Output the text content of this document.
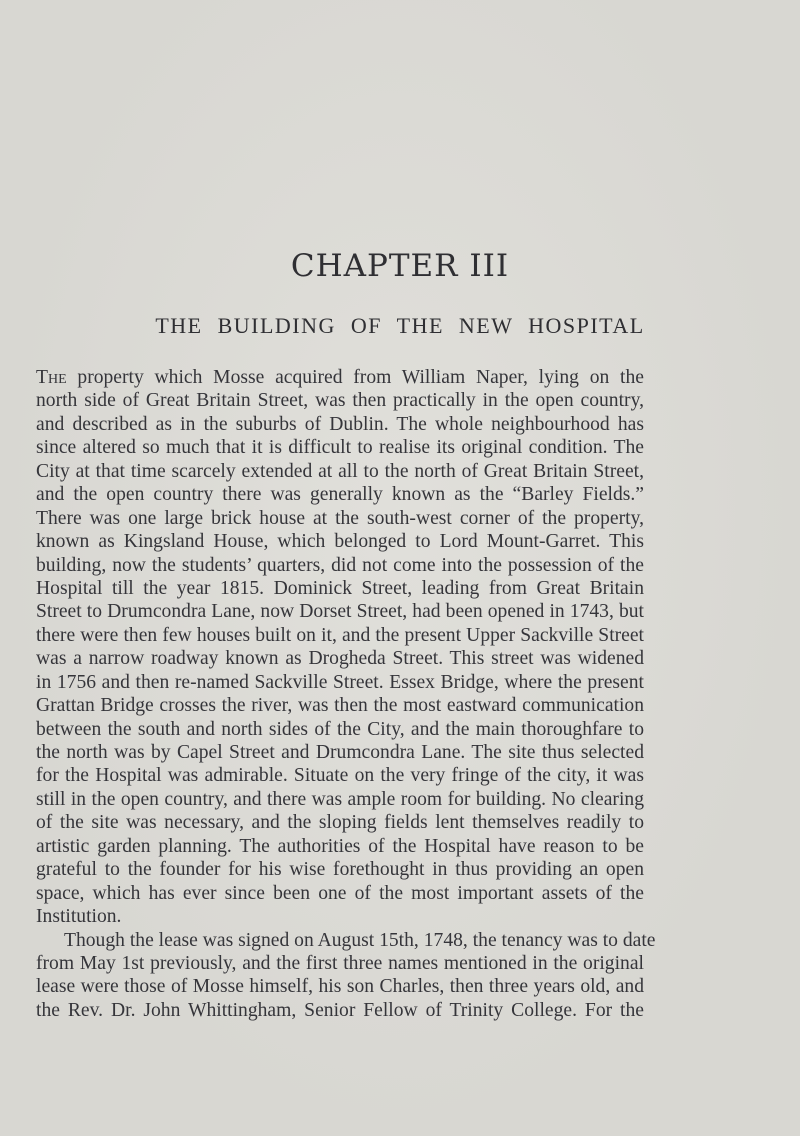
CHAPTER III
THE BUILDING OF THE NEW HOSPITAL

The property which Mosse acquired from William Naper, lying on the
north side of Great Britain Street, was then practically in the open country,
and described as in the suburbs of Dublin. The whole neighbourhood has
since altered so much that it is difficult to realise its original condition. The
City at that time scarcely extended at all to the north of Great Britain Street,
and the open country there was generally known as the “Barley Fields.”
There was one large brick house at the south-west corner of the property,
known as Kingsland House, which belonged to Lord Mount-Garret. This
building, now the students’ quarters, did not come into the possession of the
Hospital till the year 1815. Dominick Street, leading from Great Britain
Street to Drumcondra Lane, now Dorset Street, had been opened in 1743, but
there were then few houses built on it, and the present Upper Sackville Street
was a narrow roadway known as Drogheda Street. This street was widened
in 1756 and then re-named Sackville Street. Essex Bridge, where the present
Grattan Bridge crosses the river, was then the most eastward communication
between the south and north sides of the City, and the main thoroughfare to
the north was by Capel Street and Drumcondra Lane. The site thus selected
for the Hospital was admirable. Situate on the very fringe of the city, it was
still in the open country, and there was ample room for building. No clearing
of the site was necessary, and the sloping fields lent themselves readily to
artistic garden planning. The authorities of the Hospital have reason to be
grateful to the founder for his wise forethought in thus providing an open
space, which has ever since been one of the most important assets of the
Institution.

Though the lease was signed on August 15th, 1748, the tenancy was to date
from May 1st previously, and the first three names mentioned in the original
lease were those of Mosse himself, his son Charles, then three years old, and
the Rev. Dr. John Whittingham, Senior Fellow of Trinity College. For the
